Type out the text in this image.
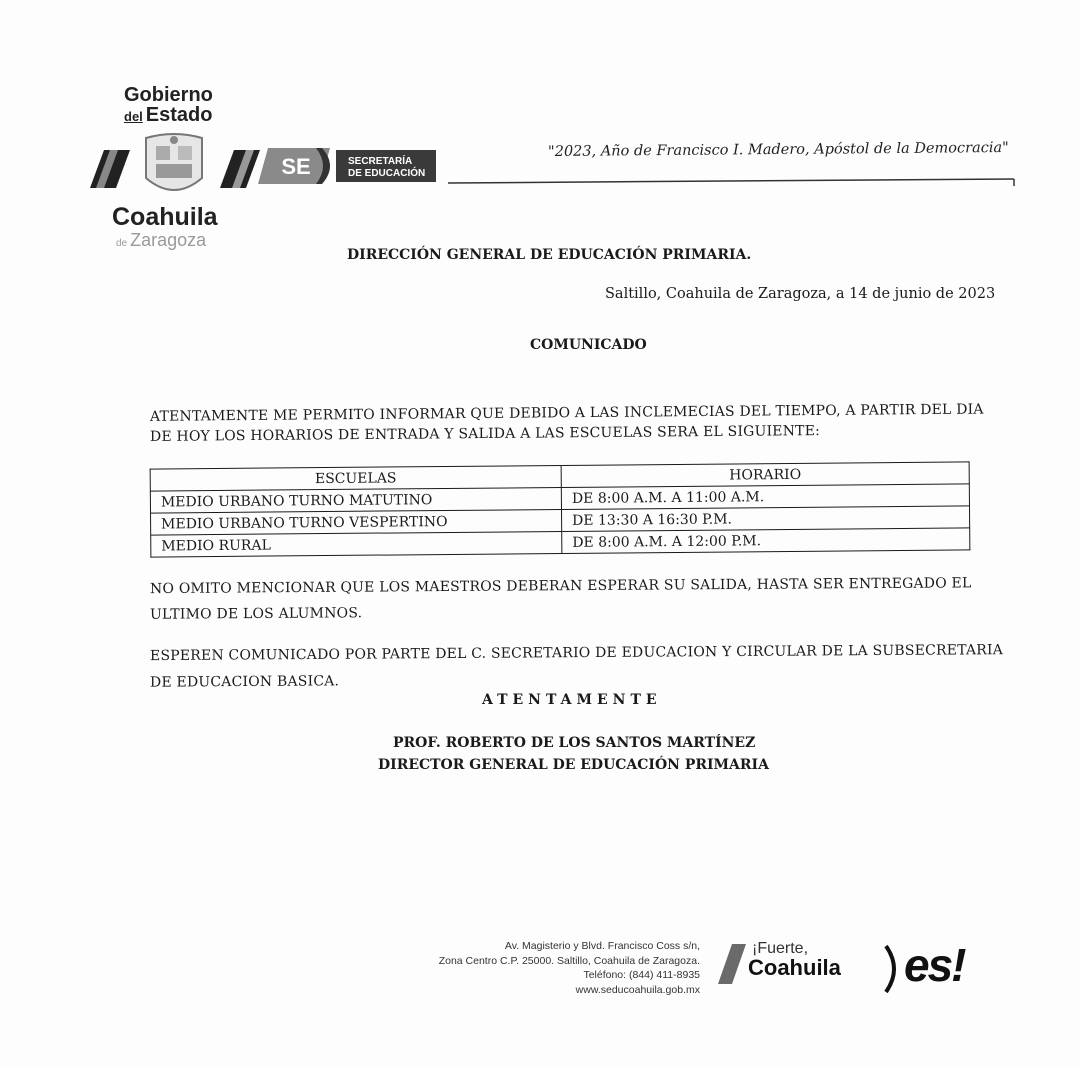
Gobierno
del Estado
SE	SECRETARÍA
DE EDUCACIÓN
Coahuila
de Zaragoza
"2023, Año de Francisco I. Madero, Apóstol de la Democracia"
DIRECCIÓN GENERAL DE EDUCACIÓN PRIMARIA.
Saltillo, Coahuila de Zaragoza, a 14 de junio de 2023
COMUNICADO
ATENTAMENTE ME PERMITO INFORMAR QUE DEBIDO A LAS INCLEMECIAS DEL TIEMPO, A PARTIR DEL DIA
DE HOY LOS HORARIOS DE ENTRADA Y SALIDA A LAS ESCUELAS SERA EL SIGUIENTE:
ESCUELAS	HORARIO
MEDIO URBANO TURNO MATUTINO	DE 8:00 A.M. A 11:00 A.M.
MEDIO URBANO TURNO VESPERTINO	DE 13:30 A 16:30 P.M.
MEDIO RURAL	DE 8:00 A.M. A 12:00 P.M.
NO OMITO MENCIONAR QUE LOS MAESTROS DEBERAN ESPERAR SU SALIDA, HASTA SER ENTREGADO EL
ULTIMO DE LOS ALUMNOS.
ESPEREN COMUNICADO POR PARTE DEL C. SECRETARIO DE EDUCACION Y CIRCULAR DE LA SUBSECRETARIA
DE EDUCACION BASICA.
ATENTAMENTE
PROF. ROBERTO DE LOS SANTOS MARTÍNEZ
DIRECTOR GENERAL DE EDUCACIÓN PRIMARIA
Av. Magisterio y Blvd. Francisco Coss s/n,
Zona Centro C.P. 25000. Saltillo, Coahuila de Zaragoza.
Teléfono: (844) 411-8935
www.seducoahuila.gob.mx
¡Fuerte,
Coahuila es!
